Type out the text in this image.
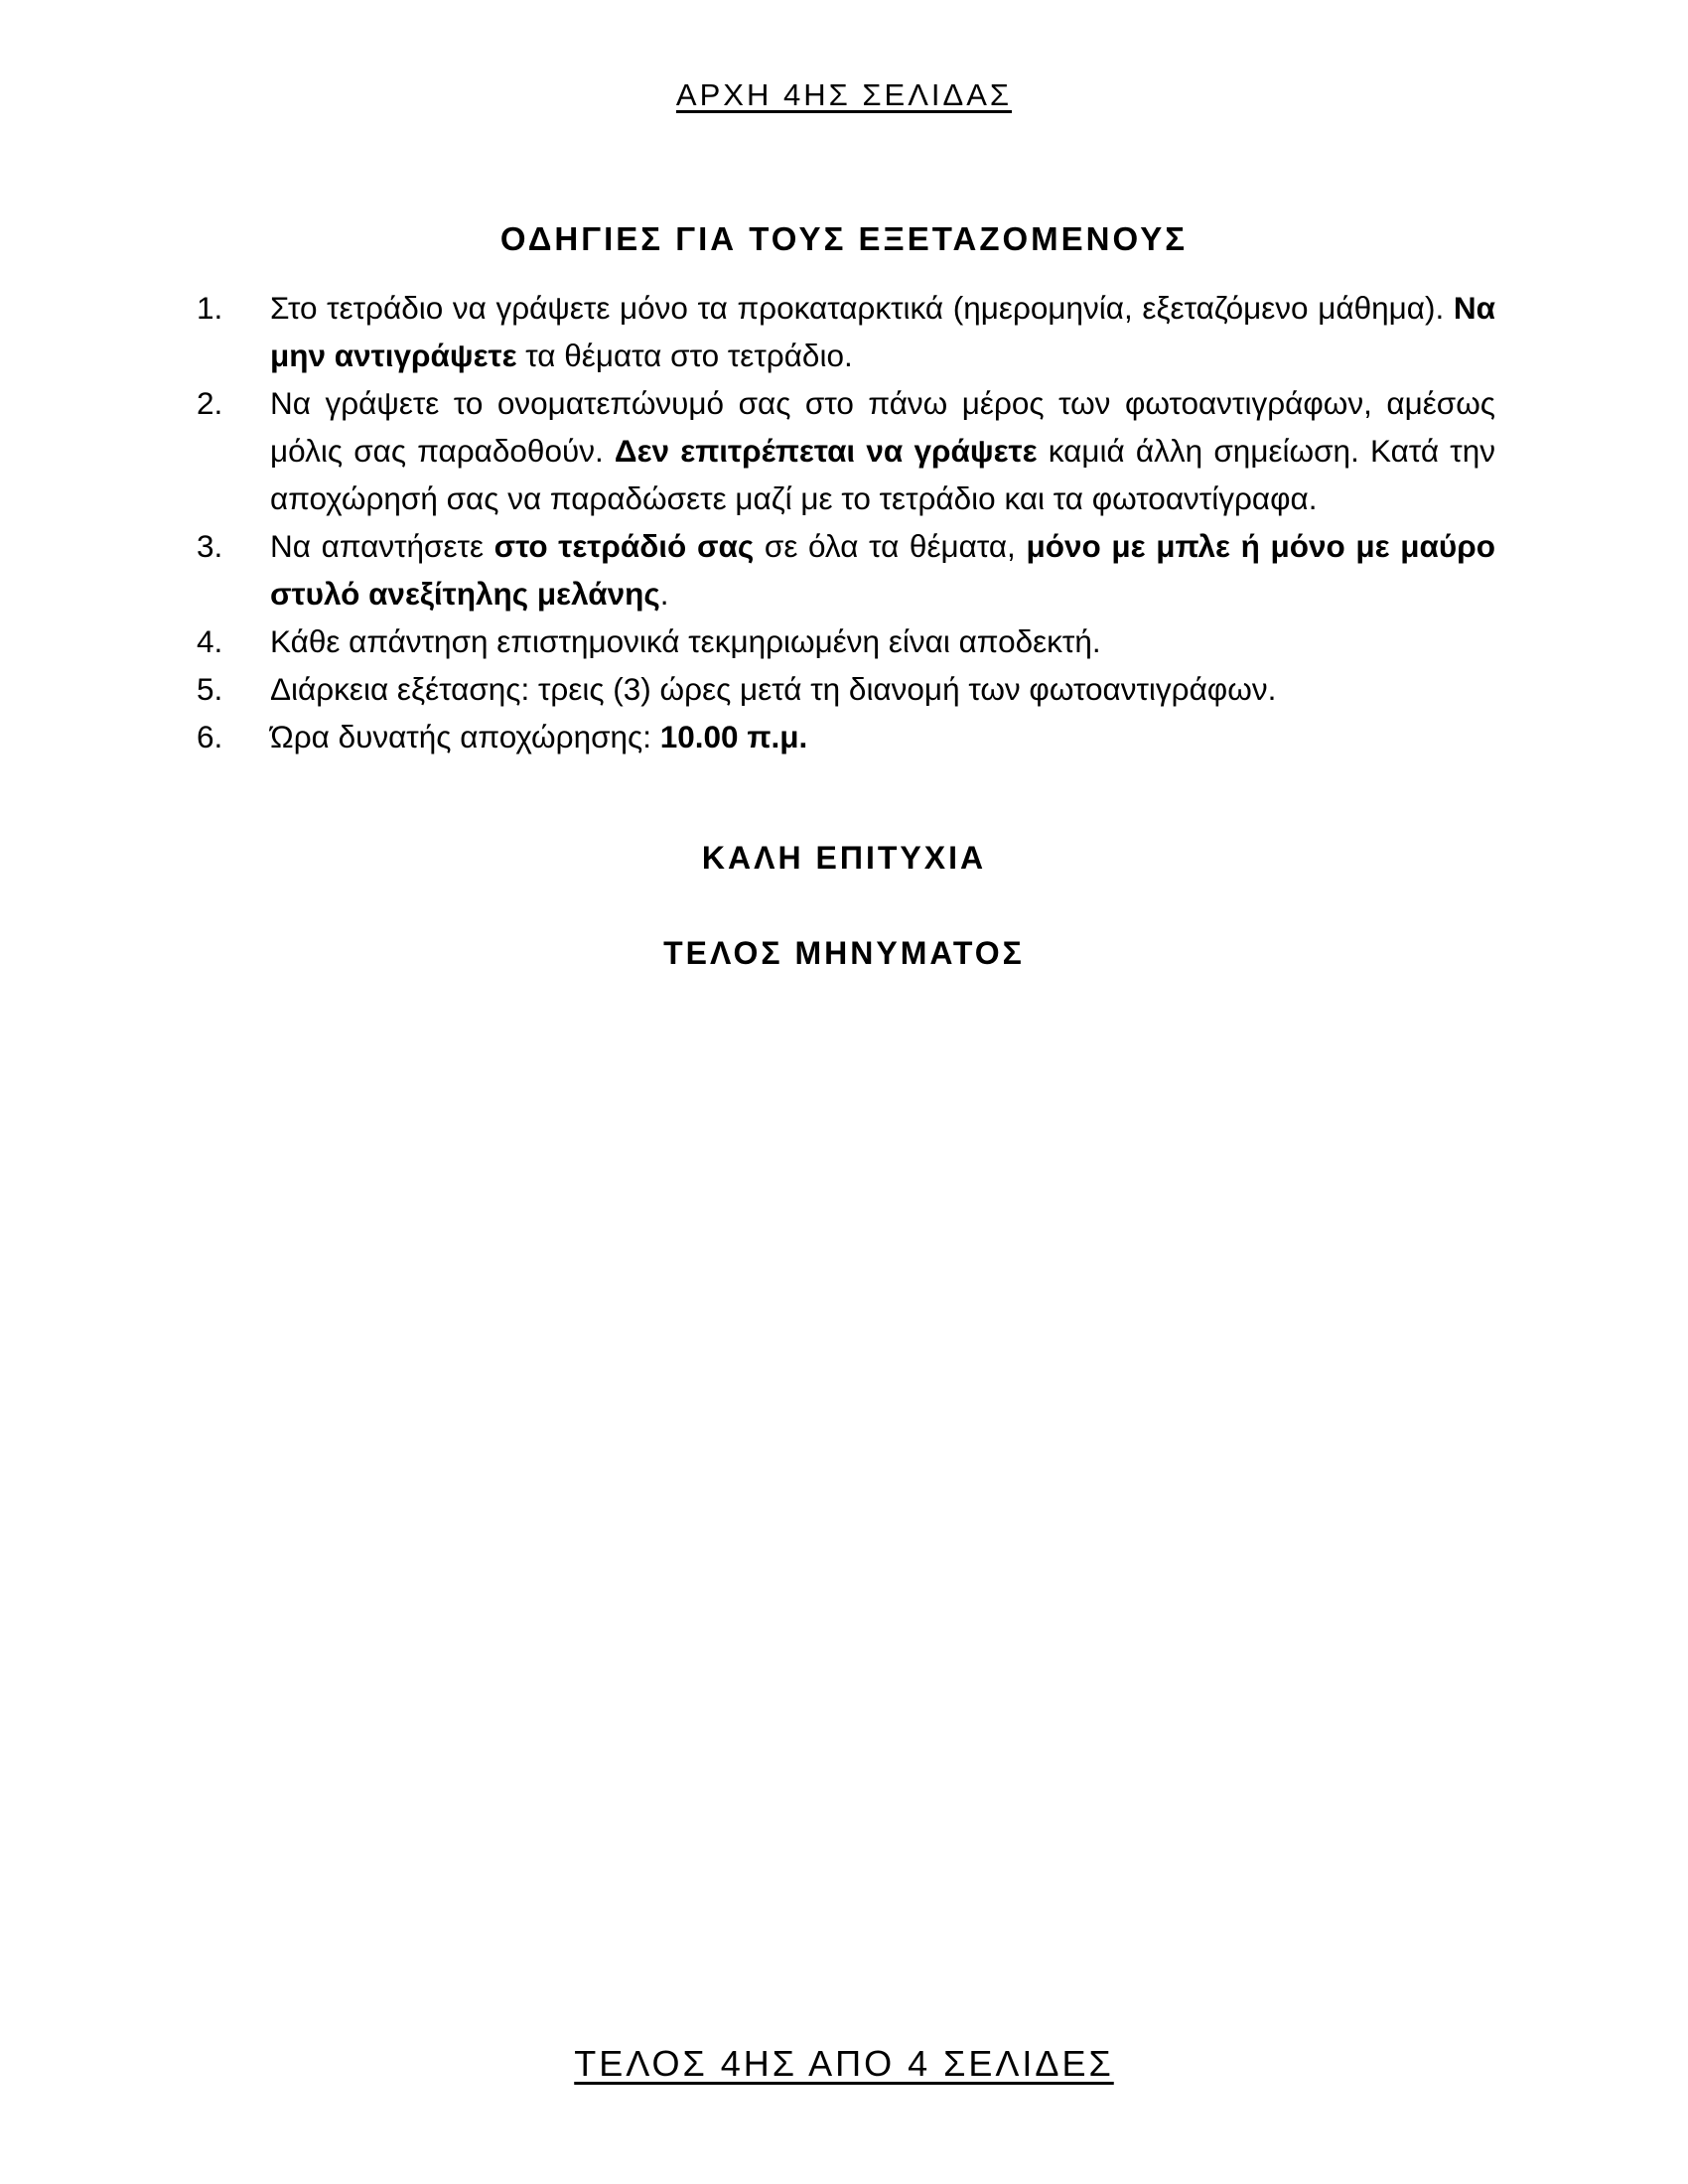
ΑΡΧΗ 4ΗΣ ΣΕΛΙΔΑΣ
ΟΔΗΓΙΕΣ ΓΙΑ ΤΟΥΣ ΕΞΕΤΑΖΟΜΕΝΟΥΣ
1. Στο τετράδιο να γράψετε μόνο τα προκαταρκτικά (ημερομηνία, εξεταζόμενο μάθημα). Να μην αντιγράψετε τα θέματα στο τετράδιο.
2. Να γράψετε το ονοματεπώνυμό σας στο πάνω μέρος των φωτοαντιγράφων, αμέσως μόλις σας παραδοθούν. Δεν επιτρέπεται να γράψετε καμιά άλλη σημείωση. Κατά την αποχώρησή σας να παραδώσετε μαζί με το τετράδιο και τα φωτοαντίγραφα.
3. Να απαντήσετε στο τετράδιό σας σε όλα τα θέματα, μόνο με μπλε ή μόνο με μαύρο στυλό ανεξίτηλης μελάνης.
4. Κάθε απάντηση επιστημονικά τεκμηριωμένη είναι αποδεκτή.
5. Διάρκεια εξέτασης: τρεις (3) ώρες μετά τη διανομή των φωτοαντιγράφων.
6. Ώρα δυνατής αποχώρησης: 10.00 π.μ.
ΚΑΛΗ ΕΠΙΤΥΧΙΑ
ΤΕΛΟΣ ΜΗΝΥΜΑΤΟΣ
ΤΕΛΟΣ 4ΗΣ ΑΠΟ 4 ΣΕΛΙΔΕΣ
